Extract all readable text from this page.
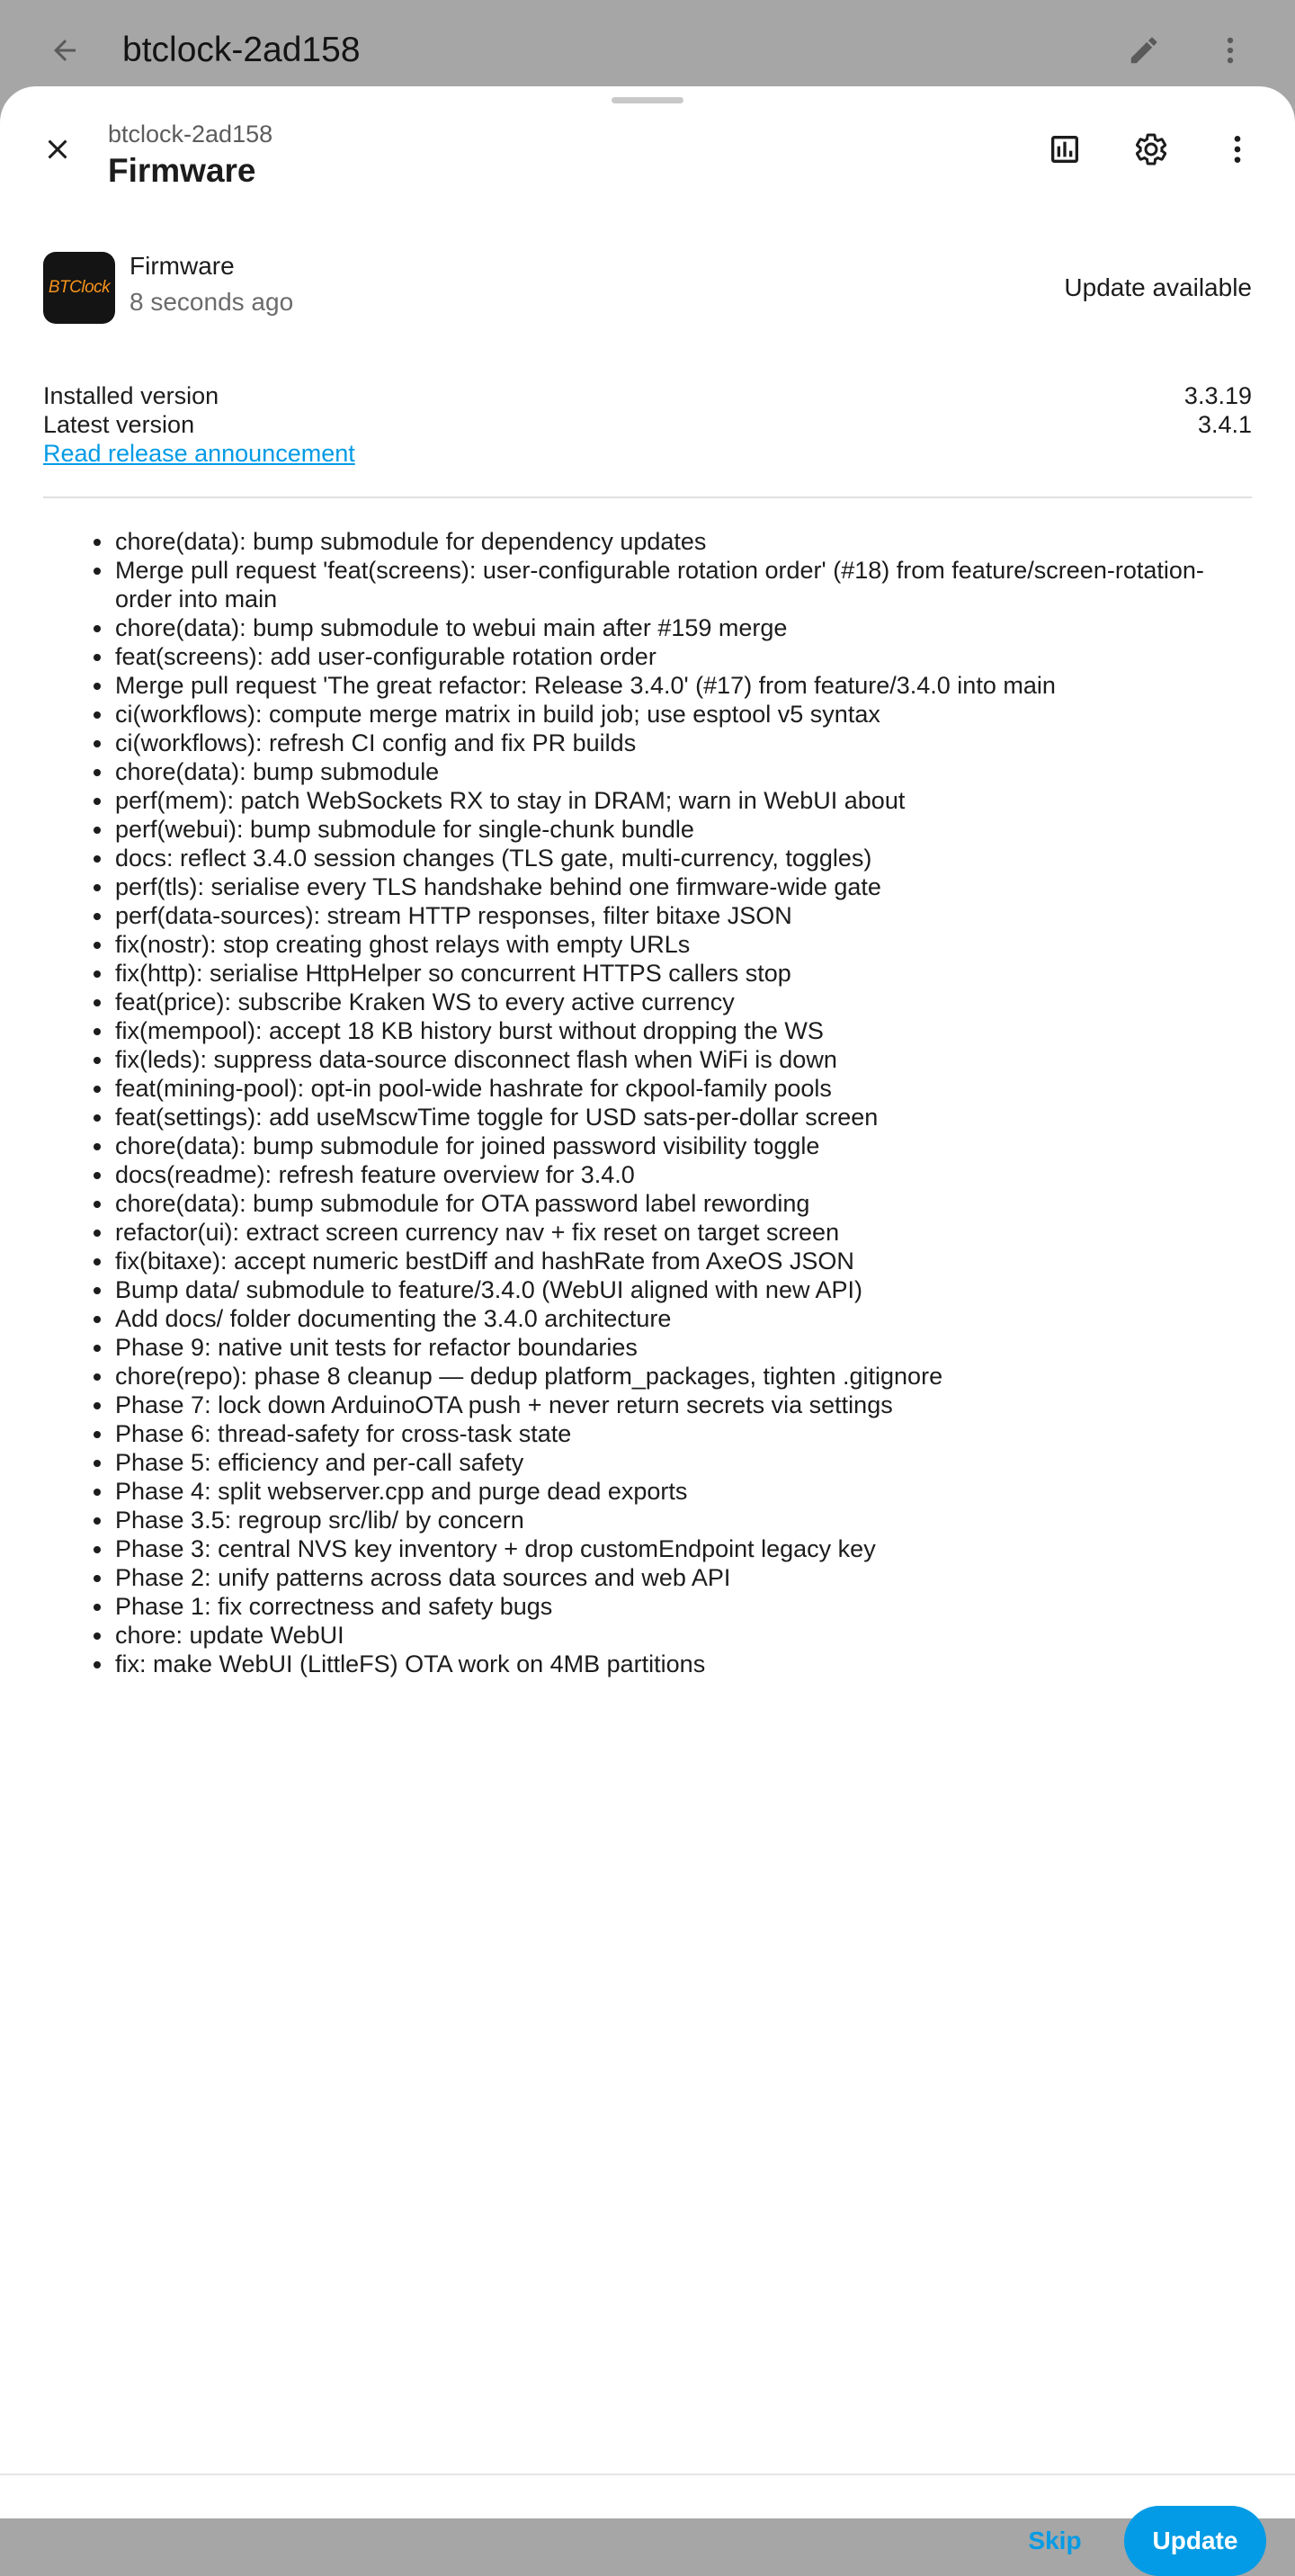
btclock-2ad158
btclock-2ad158
Firmware
BTClock
Firmware
8 seconds ago
Update available
Installed version	3.3.19
Latest version	3.4.1
Read release announcement
chore(data): bump submodule for dependency updates
Merge pull request 'feat(screens): user-configurable rotation order' (#18) from feature/screen-rotation-order into main
chore(data): bump submodule to webui main after #159 merge
feat(screens): add user-configurable rotation order
Merge pull request 'The great refactor: Release 3.4.0' (#17) from feature/3.4.0 into main
ci(workflows): compute merge matrix in build job; use esptool v5 syntax
ci(workflows): refresh CI config and fix PR builds
chore(data): bump submodule
perf(mem): patch WebSockets RX to stay in DRAM; warn in WebUI about
perf(webui): bump submodule for single-chunk bundle
docs: reflect 3.4.0 session changes (TLS gate, multi-currency, toggles)
perf(tls): serialise every TLS handshake behind one firmware-wide gate
perf(data-sources): stream HTTP responses, filter bitaxe JSON
fix(nostr): stop creating ghost relays with empty URLs
fix(http): serialise HttpHelper so concurrent HTTPS callers stop
feat(price): subscribe Kraken WS to every active currency
fix(mempool): accept 18 KB history burst without dropping the WS
fix(leds): suppress data-source disconnect flash when WiFi is down
feat(mining-pool): opt-in pool-wide hashrate for ckpool-family pools
feat(settings): add useMscwTime toggle for USD sats-per-dollar screen
chore(data): bump submodule for joined password visibility toggle
docs(readme): refresh feature overview for 3.4.0
chore(data): bump submodule for OTA password label rewording
refactor(ui): extract screen currency nav + fix reset on target screen
fix(bitaxe): accept numeric bestDiff and hashRate from AxeOS JSON
Bump data/ submodule to feature/3.4.0 (WebUI aligned with new API)
Add docs/ folder documenting the 3.4.0 architecture
Phase 9: native unit tests for refactor boundaries
chore(repo): phase 8 cleanup — dedup platform_packages, tighten .gitignore
Phase 7: lock down ArduinoOTA push + never return secrets via settings
Phase 6: thread-safety for cross-task state
Phase 5: efficiency and per-call safety
Phase 4: split webserver.cpp and purge dead exports
Phase 3.5: regroup src/lib/ by concern
Phase 3: central NVS key inventory + drop customEndpoint legacy key
Phase 2: unify patterns across data sources and web API
Phase 1: fix correctness and safety bugs
chore: update WebUI
fix: make WebUI (LittleFS) OTA work on 4MB partitions
Skip	Update
